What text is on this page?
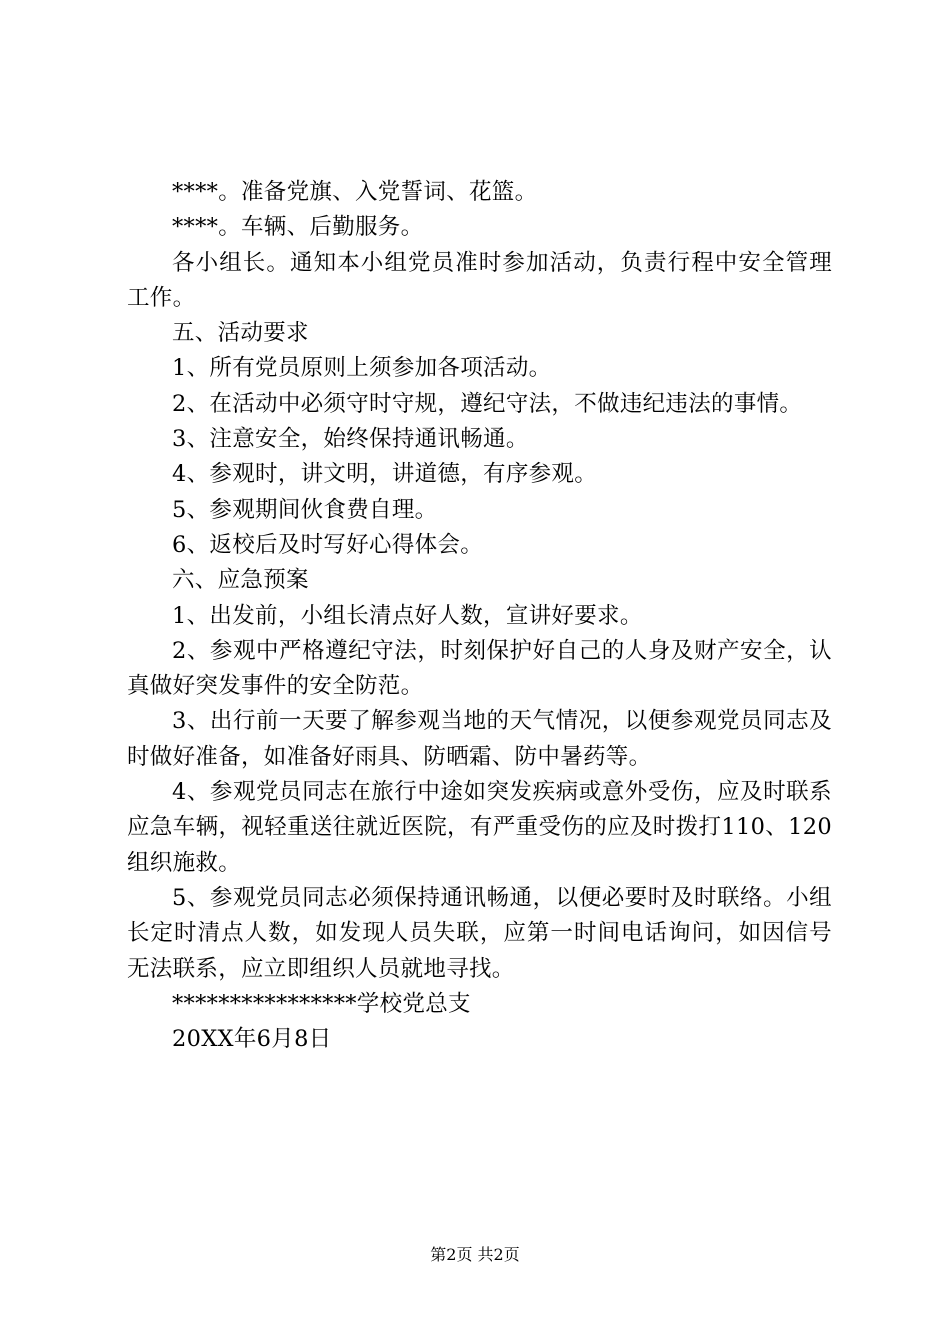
****。准备党旗、入党誓词、花篮。

****。车辆、后勤服务。

各小组长。通知本小组党员准时参加活动，负责行程中安全管理工作。

五、活动要求

1、所有党员原则上须参加各项活动。

2、在活动中必须守时守规，遵纪守法，不做违纪违法的事情。

3、注意安全，始终保持通讯畅通。

4、参观时，讲文明，讲道德，有序参观。

5、参观期间伙食费自理。

6、返校后及时写好心得体会。

六、应急预案

1、出发前，小组长清点好人数，宣讲好要求。

2、参观中严格遵纪守法，时刻保护好自己的人身及财产安全，认真做好突发事件的安全防范。

3、出行前一天要了解参观当地的天气情况，以便参观党员同志及时做好准备，如准备好雨具、防晒霜、防中暑药等。

4、参观党员同志在旅行中途如突发疾病或意外受伤，应及时联系应急车辆，视轻重送往就近医院，有严重受伤的应及时拨打110、120组织施救。

5、参观党员同志必须保持通讯畅通，以便必要时及时联络。小组长定时清点人数，如发现人员失联，应第一时间电话询问，如因信号无法联系，应立即组织人员就地寻找。

****************学校党总支

20XX年6月8日

第2页 共2页
